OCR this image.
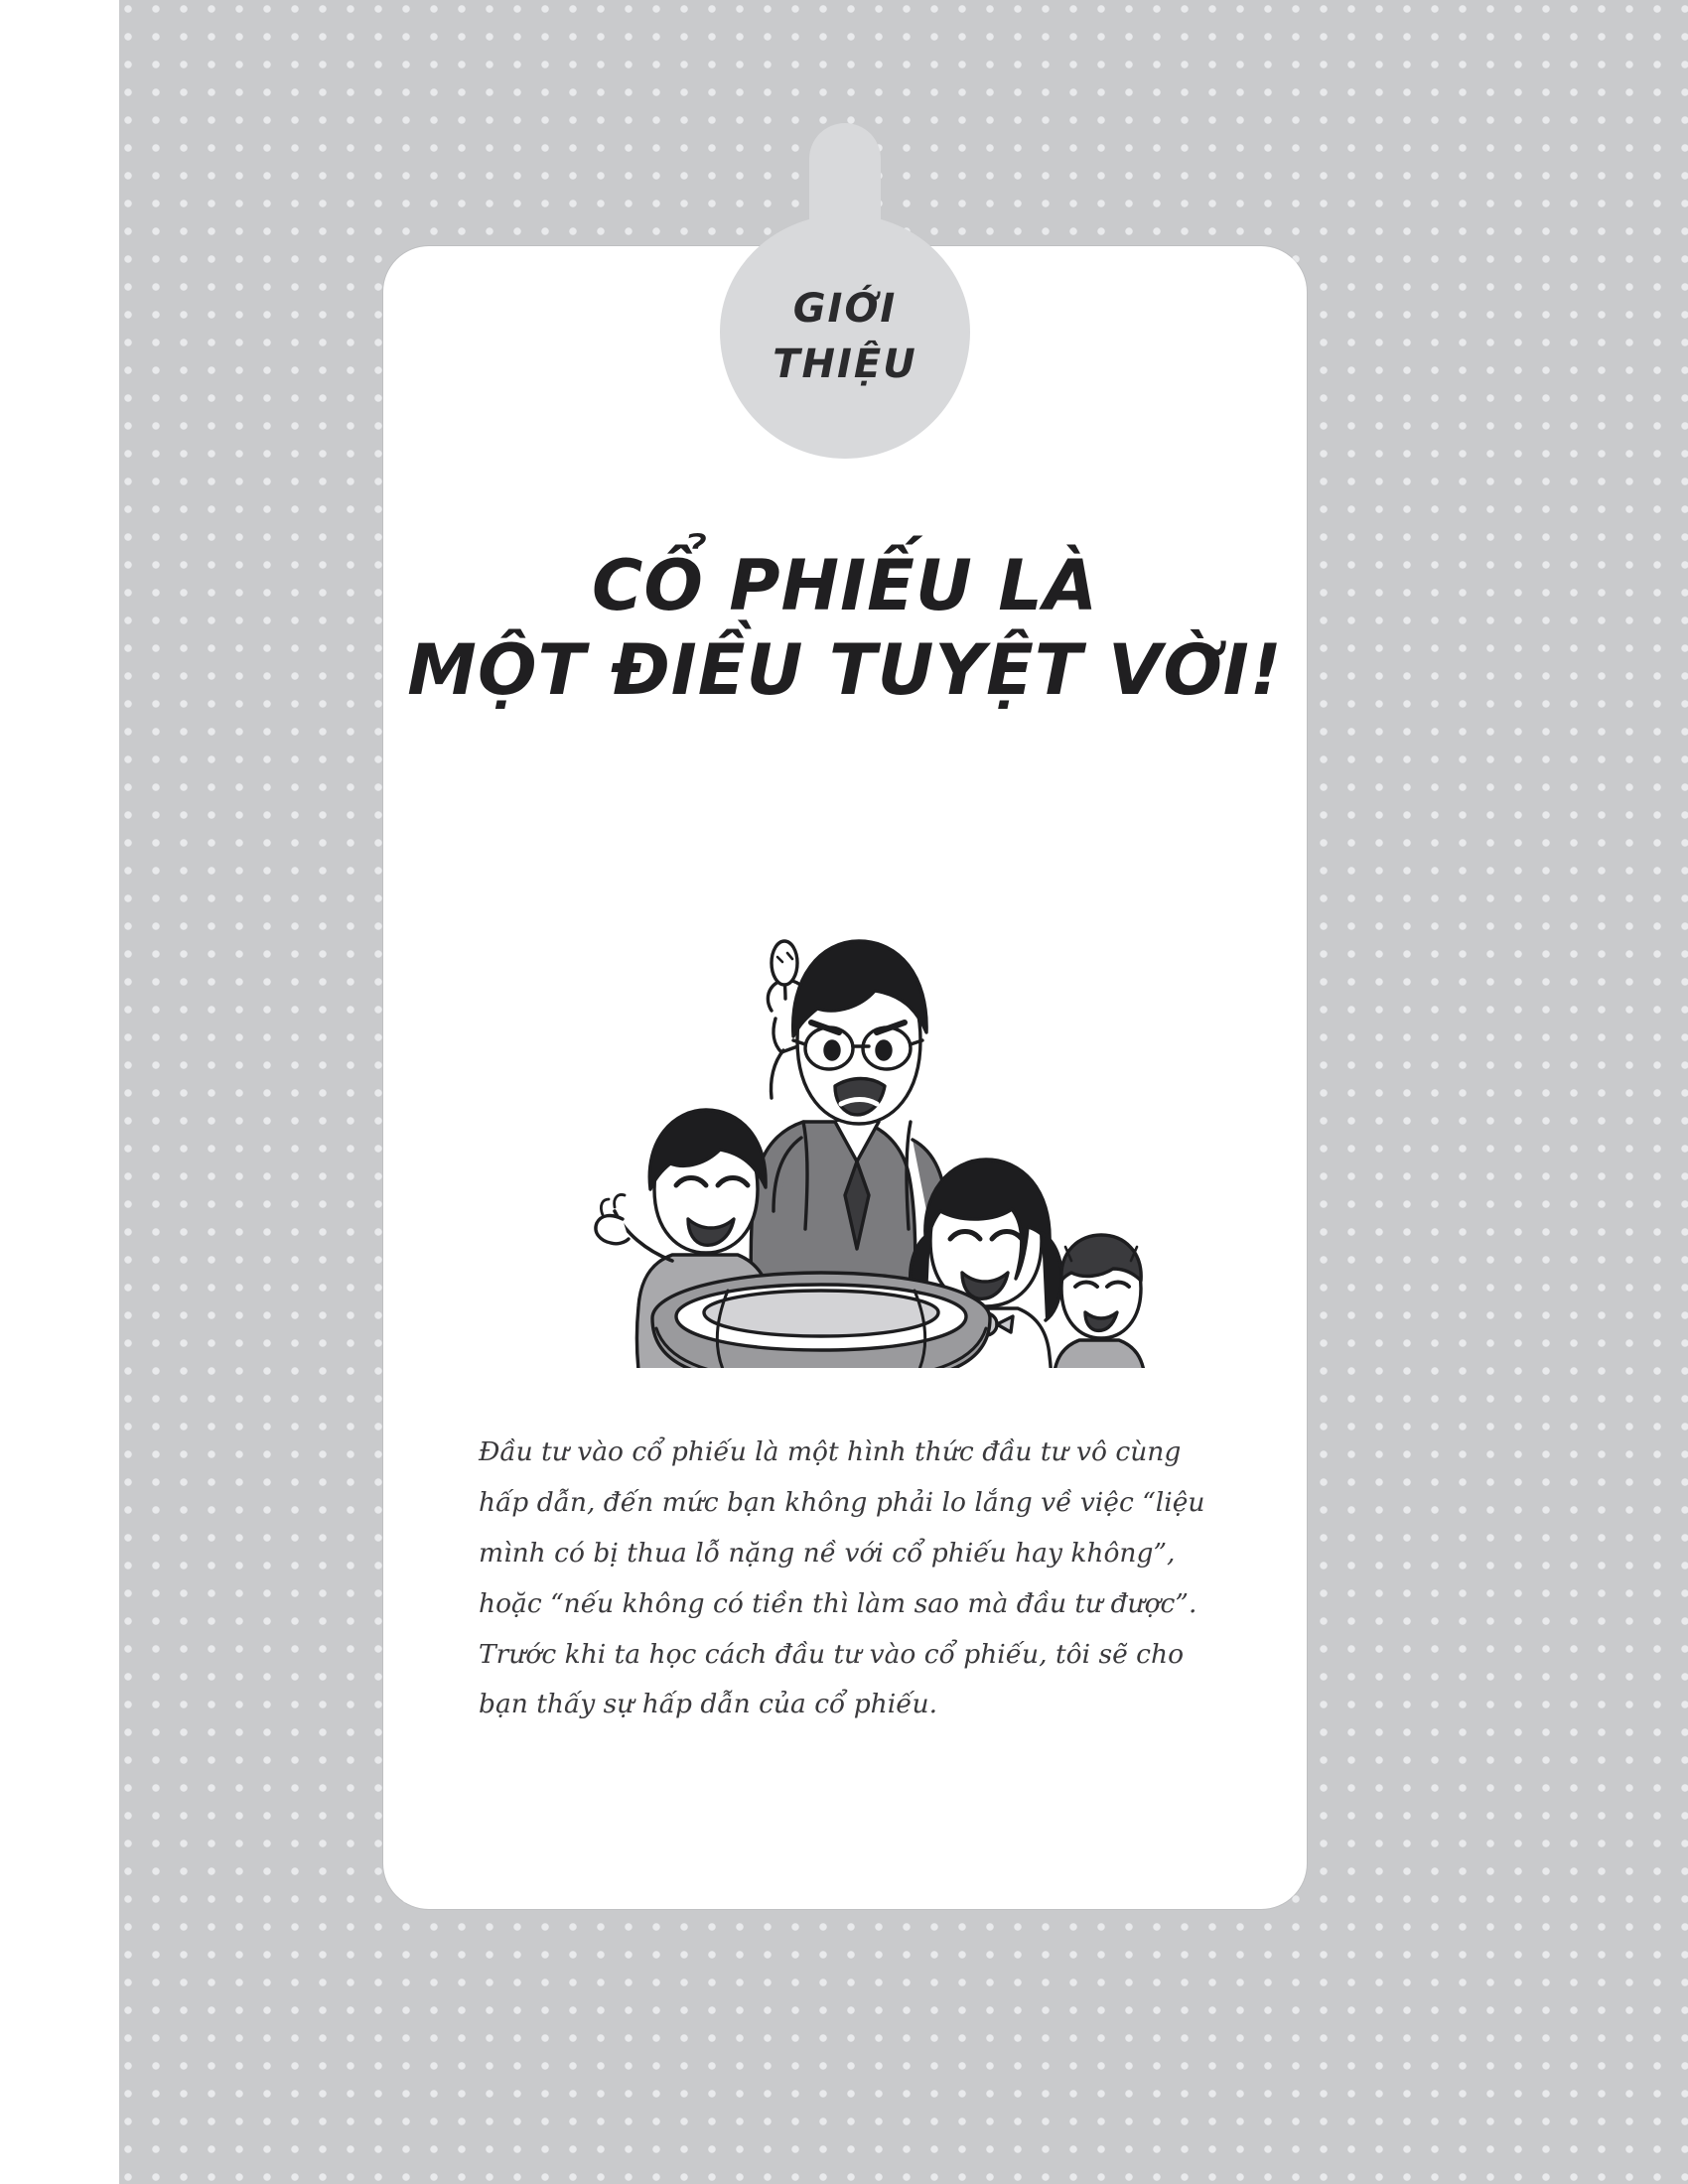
GIỚI
THIỆU
CỔ PHIẾU LÀ
MỘT ĐIỀU TUYỆT VỜI!
Đầu tư vào cổ phiếu là một hình thức đầu tư vô cùng hấp dẫn, đến mức bạn không phải lo lắng về việc “liệu mình có bị thua lỗ nặng nề với cổ phiếu hay không”, hoặc “nếu không có tiền thì làm sao mà đầu tư được”. Trước khi ta học cách đầu tư vào cổ phiếu, tôi sẽ cho bạn thấy sự hấp dẫn của cổ phiếu.
